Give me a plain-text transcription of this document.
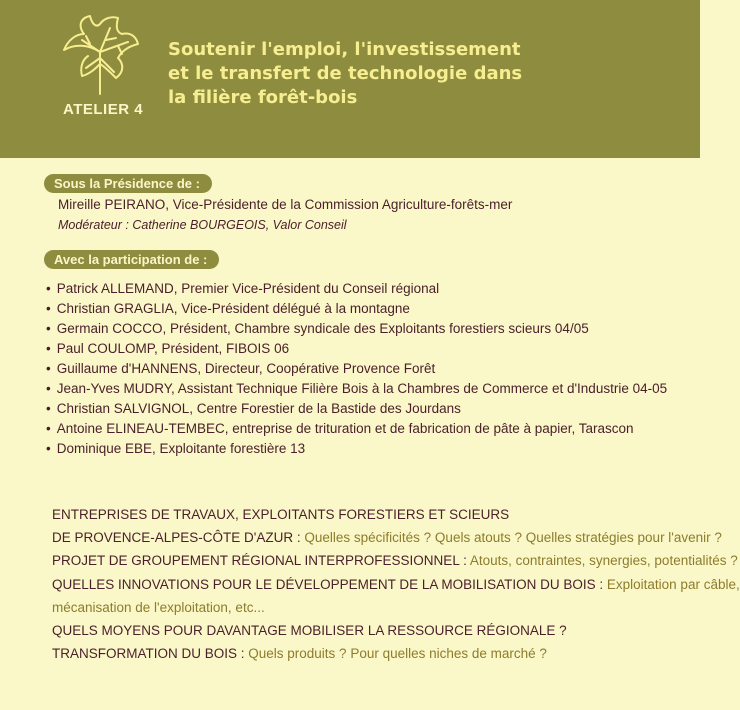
ATELIER 4
Soutenir l'emploi, l'investissement
et le transfert de technologie dans
la filière forêt-bois
Sous la Présidence de :
Mireille PEIRANO, Vice-Présidente de la Commission Agriculture-forêts-mer
Modérateur : Catherine BOURGEOIS, Valor Conseil
Avec la participation de :
• Patrick ALLEMAND, Premier Vice-Président du Conseil régional
• Christian GRAGLIA, Vice-Président délégué à la montagne
• Germain COCCO, Président, Chambre syndicale des Exploitants forestiers scieurs 04/05
• Paul COULOMP, Président, FIBOIS 06
• Guillaume d'HANNENS, Directeur, Coopérative Provence Forêt
• Jean-Yves MUDRY, Assistant Technique Filière Bois à la Chambres de Commerce et d'Industrie 04-05
• Christian SALVIGNOL, Centre Forestier de la Bastide des Jourdans
• Antoine ELINEAU-TEMBEC, entreprise de trituration et de fabrication de pâte à papier, Tarascon
• Dominique EBE, Exploitante forestière 13
ENTREPRISES DE TRAVAUX, EXPLOITANTS FORESTIERS ET SCIEURS
DE PROVENCE-ALPES-CÔTE D'AZUR : Quelles spécificités ? Quels atouts ? Quelles stratégies pour l'avenir ?
PROJET DE GROUPEMENT RÉGIONAL INTERPROFESSIONNEL : Atouts, contraintes, synergies, potentialités ?
QUELLES INNOVATIONS POUR LE DÉVELOPPEMENT DE LA MOBILISATION DU BOIS : Exploitation par câble,
mécanisation de l'exploitation, etc...
QUELS MOYENS POUR DAVANTAGE MOBILISER LA RESSOURCE RÉGIONALE ?
TRANSFORMATION DU BOIS : Quels produits ? Pour quelles niches de marché ?
